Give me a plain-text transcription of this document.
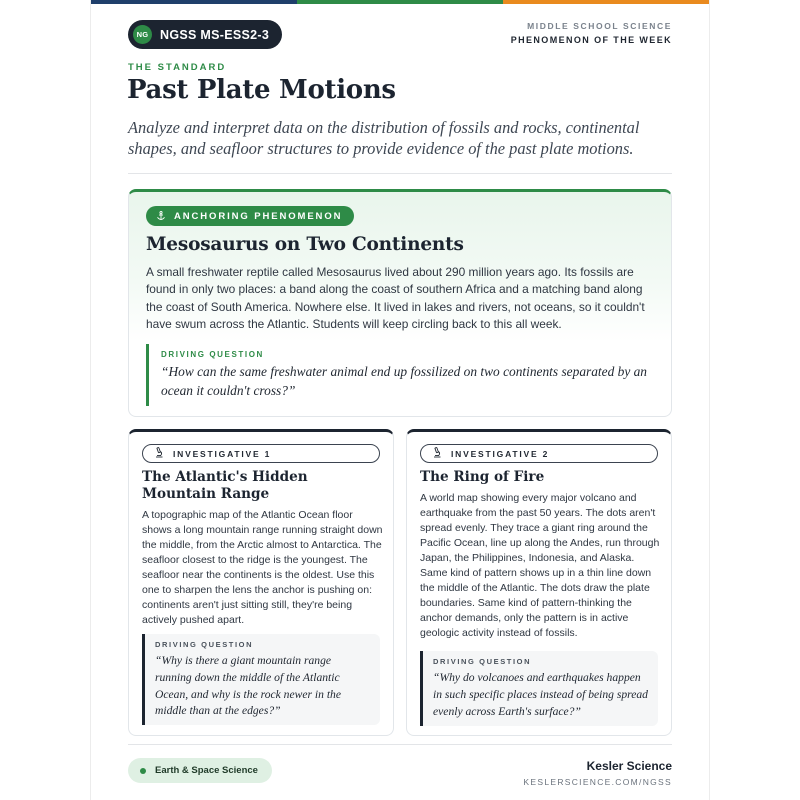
NG NGSS MS-ESS2-3
MIDDLE SCHOOL SCIENCE
PHENOMENON OF THE WEEK
THE STANDARD
Past Plate Motions
Analyze and interpret data on the distribution of fossils and rocks, continental shapes, and seafloor structures to provide evidence of the past plate motions.
ANCHORING PHENOMENON
Mesosaurus on Two Continents
A small freshwater reptile called Mesosaurus lived about 290 million years ago. Its fossils are found in only two places: a band along the coast of southern Africa and a matching band along the coast of South America. Nowhere else. It lived in lakes and rivers, not oceans, so it couldn't have swum across the Atlantic. Students will keep circling back to this all week.
DRIVING QUESTION
“How can the same freshwater animal end up fossilized on two continents separated by an ocean it couldn't cross?”
INVESTIGATIVE 1
The Atlantic's Hidden Mountain Range
A topographic map of the Atlantic Ocean floor shows a long mountain range running straight down the middle, from the Arctic almost to Antarctica. The seafloor closest to the ridge is the youngest. The seafloor near the continents is the oldest. Use this one to sharpen the lens the anchor is pushing on: continents aren't just sitting still, they're being actively pushed apart.
DRIVING QUESTION
“Why is there a giant mountain range running down the middle of the Atlantic Ocean, and why is the rock newer in the middle than at the edges?”
INVESTIGATIVE 2
The Ring of Fire
A world map showing every major volcano and earthquake from the past 50 years. The dots aren't spread evenly. They trace a giant ring around the Pacific Ocean, line up along the Andes, run through Japan, the Philippines, Indonesia, and Alaska. Same kind of pattern shows up in a thin line down the middle of the Atlantic. The dots draw the plate boundaries. Same kind of pattern-thinking the anchor demands, only the pattern is in active geologic activity instead of fossils.
DRIVING QUESTION
“Why do volcanoes and earthquakes happen in such specific places instead of being spread evenly across Earth's surface?”
Earth & Space Science	Kesler Science
KESLERSCIENCE.COM/NGSS
